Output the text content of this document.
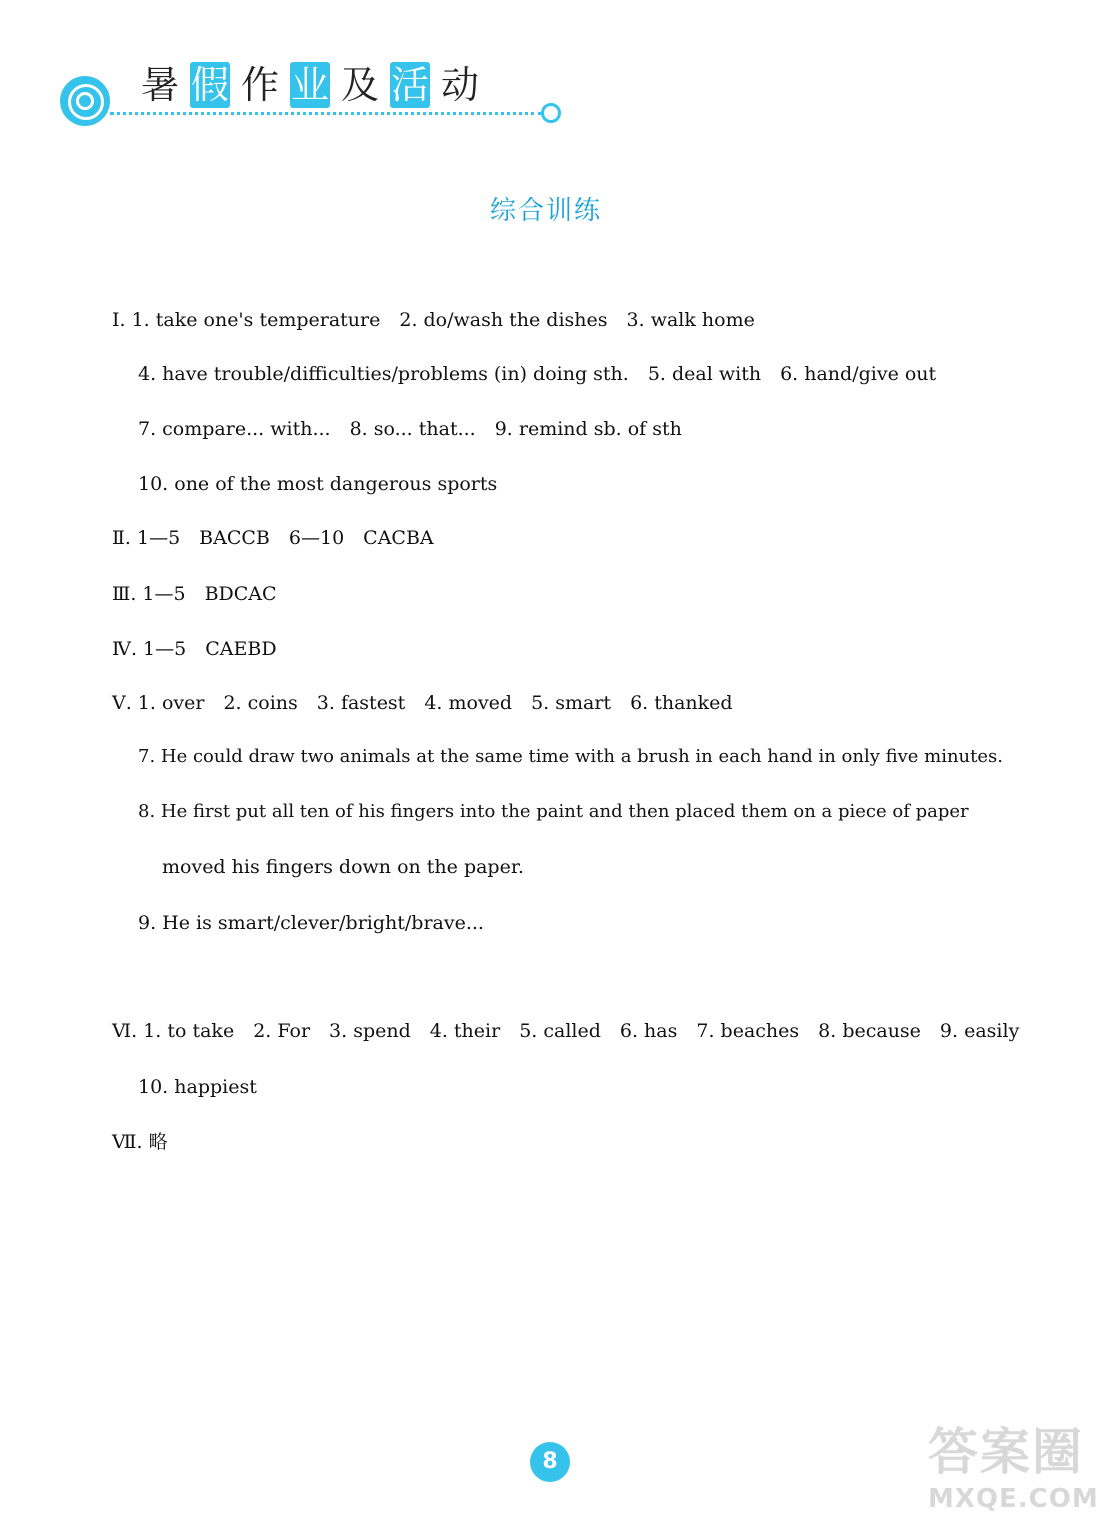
暑 假 作 业 及 活 动
综合训练
Ⅰ. 1. take one's temperature　2. do/wash the dishes　3. walk home
4. have trouble/difficulties/problems (in) doing sth.　5. deal with　6. hand/give out
7. compare... with...　8. so... that...　9. remind sb. of sth
10. one of the most dangerous sports
Ⅱ. 1—5　BACCB　6—10　CACBA
Ⅲ. 1—5　BDCAC
Ⅳ. 1—5　CAEBD
Ⅴ. 1. over　2. coins　3. fastest　4. moved　5. smart　6. thanked
7. He could draw two animals at the same time with a brush in each hand in only five minutes.
8. He first put all ten of his fingers into the paint and then placed them on a piece of paper
moved his fingers down on the paper.
9. He is smart/clever/bright/brave...
Ⅵ. 1. to take　2. For　3. spend　4. their　5. called　6. has　7. beaches　8. because　9. easily
10. happiest
Ⅶ. 略
8	答案圈
MXQE.COM
